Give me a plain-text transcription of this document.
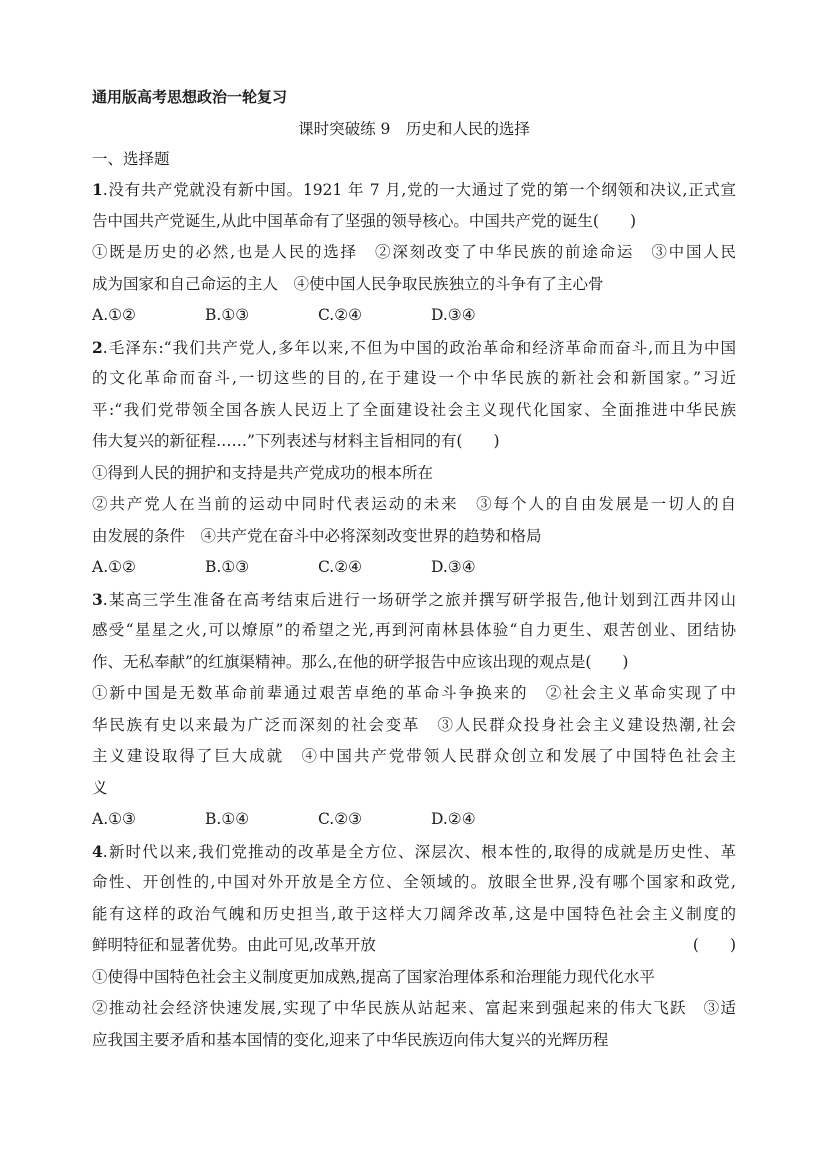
通用版高考思想政治一轮复习
课时突破练 9　历史和人民的选择
一、选择题
1.没有共产党就没有新中国。1921 年 7 月,党的一大通过了党的第一个纲领和决议,正式宣
告中国共产党诞生,从此中国革命有了坚强的领导核心。中国共产党的诞生(　　)
①既是历史的必然,也是人民的选择　②深刻改变了中华民族的前途命运　③中国人民
成为国家和自己命运的主人　④使中国人民争取民族独立的斗争有了主心骨
A.①②	B.①③	C.②④	D.③④
2.毛泽东:“我们共产党人,多年以来,不但为中国的政治革命和经济革命而奋斗,而且为中国
的文化革命而奋斗,一切这些的目的,在于建设一个中华民族的新社会和新国家。”习近
平:“我们党带领全国各族人民迈上了全面建设社会主义现代化国家、全面推进中华民族
伟大复兴的新征程……”下列表述与材料主旨相同的有(　　)
①得到人民的拥护和支持是共产党成功的根本所在
②共产党人在当前的运动中同时代表运动的未来　③每个人的自由发展是一切人的自
由发展的条件　④共产党在奋斗中必将深刻改变世界的趋势和格局
A.①②	B.①③	C.②④	D.③④
3.某高三学生准备在高考结束后进行一场研学之旅并撰写研学报告,他计划到江西井冈山
感受“星星之火,可以燎原”的希望之光,再到河南林县体验“自力更生、艰苦创业、团结协
作、无私奉献”的红旗渠精神。那么,在他的研学报告中应该出现的观点是(　　)
①新中国是无数革命前辈通过艰苦卓绝的革命斗争换来的　②社会主义革命实现了中
华民族有史以来最为广泛而深刻的社会变革　③人民群众投身社会主义建设热潮,社会
主义建设取得了巨大成就　④中国共产党带领人民群众创立和发展了中国特色社会主
义
A.①③	B.①④	C.②③	D.②④
4.新时代以来,我们党推动的改革是全方位、深层次、根本性的,取得的成就是历史性、革
命性、开创性的,中国对外开放是全方位、全领域的。放眼全世界,没有哪个国家和政党,
能有这样的政治气魄和历史担当,敢于这样大刀阔斧改革,这是中国特色社会主义制度的
鲜明特征和显著优势。由此可见,改革开放	(　　)
①使得中国特色社会主义制度更加成熟,提高了国家治理体系和治理能力现代化水平
②推动社会经济快速发展,实现了中华民族从站起来、富起来到强起来的伟大飞跃　③适
应我国主要矛盾和基本国情的变化,迎来了中华民族迈向伟大复兴的光辉历程
